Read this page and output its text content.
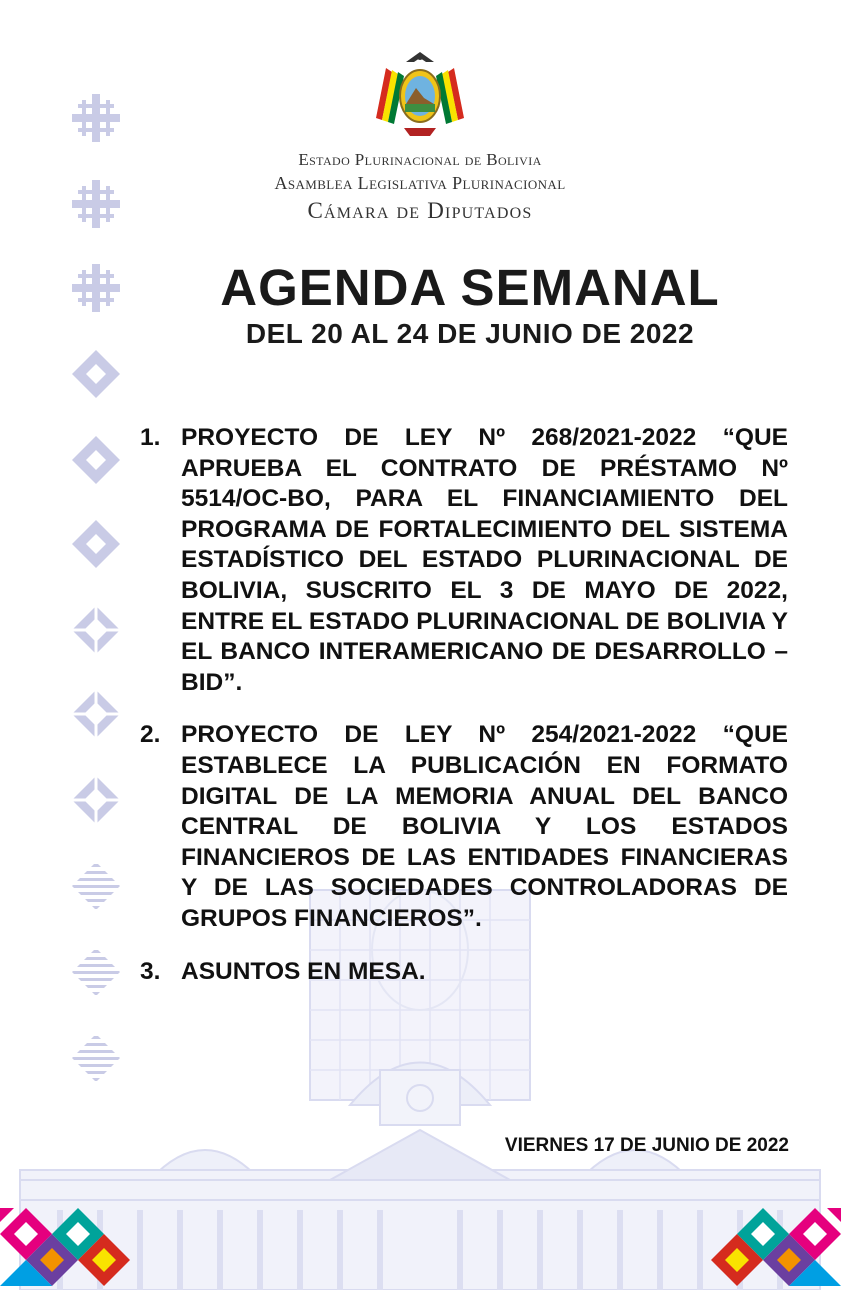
Estado Plurinacional de Bolivia
Asamblea Legislativa Plurinacional
Cámara de Diputados
AGENDA SEMANAL
DEL 20 AL 24 DE JUNIO DE 2022
1. PROYECTO DE LEY Nº 268/2021-2022 “QUE APRUEBA EL CONTRATO DE PRÉSTAMO Nº 5514/OC-BO, PARA EL FINANCIAMIENTO DEL PROGRAMA DE FORTALECIMIENTO DEL SISTEMA ESTADÍSTICO DEL ESTADO PLURINACIONAL DE BOLIVIA, SUSCRITO EL 3 DE MAYO DE 2022, ENTRE EL ESTADO PLURINACIONAL DE BOLIVIA Y EL BANCO INTERAMERICANO DE DESARROLLO – BID”.
2. PROYECTO DE LEY Nº 254/2021-2022 “QUE ESTABLECE LA PUBLICACIÓN EN FORMATO DIGITAL DE LA MEMORIA ANUAL DEL BANCO CENTRAL DE BOLIVIA Y LOS ESTADOS FINANCIEROS DE LAS ENTIDADES FINANCIERAS Y DE LAS SOCIEDADES CONTROLADORAS DE GRUPOS FINANCIEROS”.
3. ASUNTOS EN MESA.
VIERNES 17 DE JUNIO DE 2022
